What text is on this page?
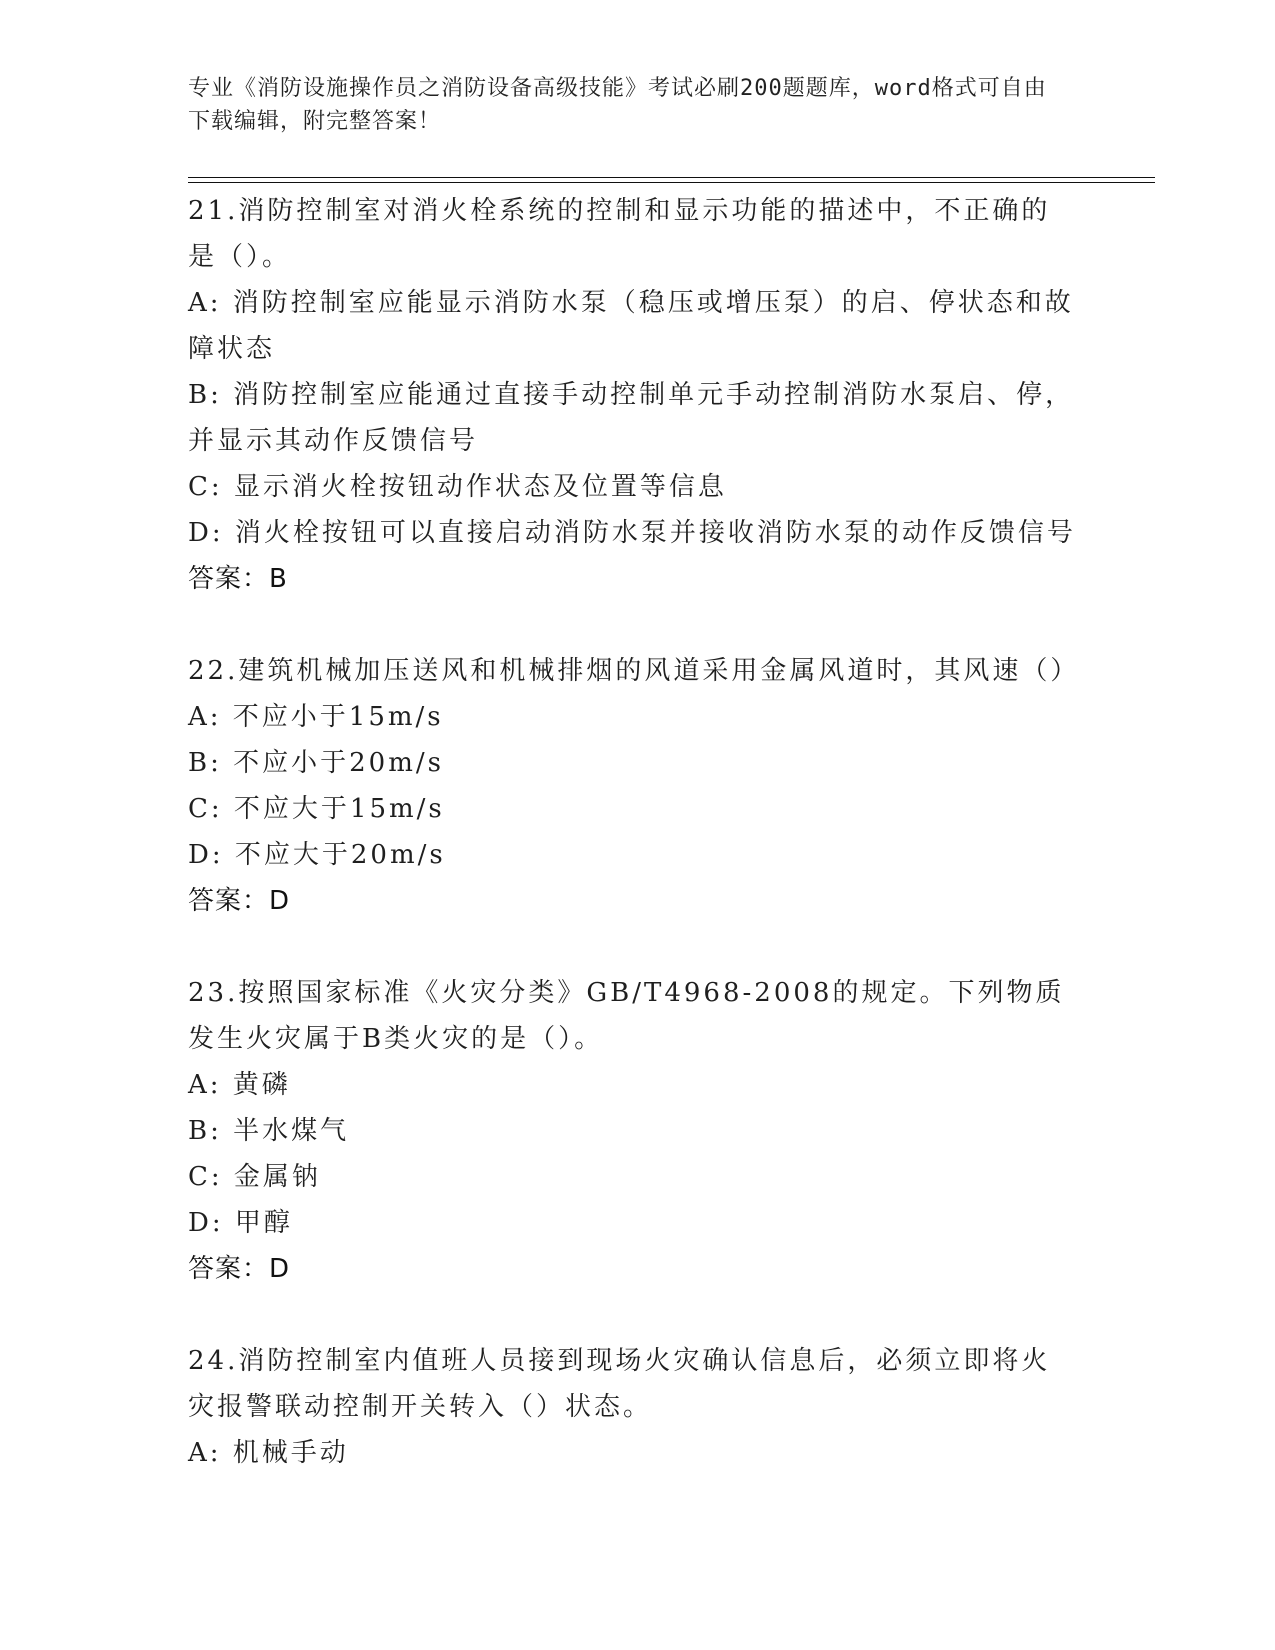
专业《消防设施操作员之消防设备高级技能》考试必刷200题题库，word格式可自由下载编辑，附完整答案！
21.消防控制室对消火栓系统的控制和显示功能的描述中，不正确的是（）。
A: 消防控制室应能显示消防水泵（稳压或增压泵）的启、停状态和故障状态
B: 消防控制室应能通过直接手动控制单元手动控制消防水泵启、停，并显示其动作反馈信号
C: 显示消火栓按钮动作状态及位置等信息
D: 消火栓按钮可以直接启动消防水泵并接收消防水泵的动作反馈信号
答案：B
22.建筑机械加压送风和机械排烟的风道采用金属风道时，其风速（）
A: 不应小于15m/s
B: 不应小于20m/s
C: 不应大于15m/s
D: 不应大于20m/s
答案：D
23.按照国家标准《火灾分类》GB/T4968-2008的规定。下列物质发生火灾属于B类火灾的是（）。
A: 黄磷
B: 半水煤气
C: 金属钠
D: 甲醇
答案：D
24.消防控制室内值班人员接到现场火灾确认信息后，必须立即将火灾报警联动控制开关转入（）状态。
A: 机械手动
